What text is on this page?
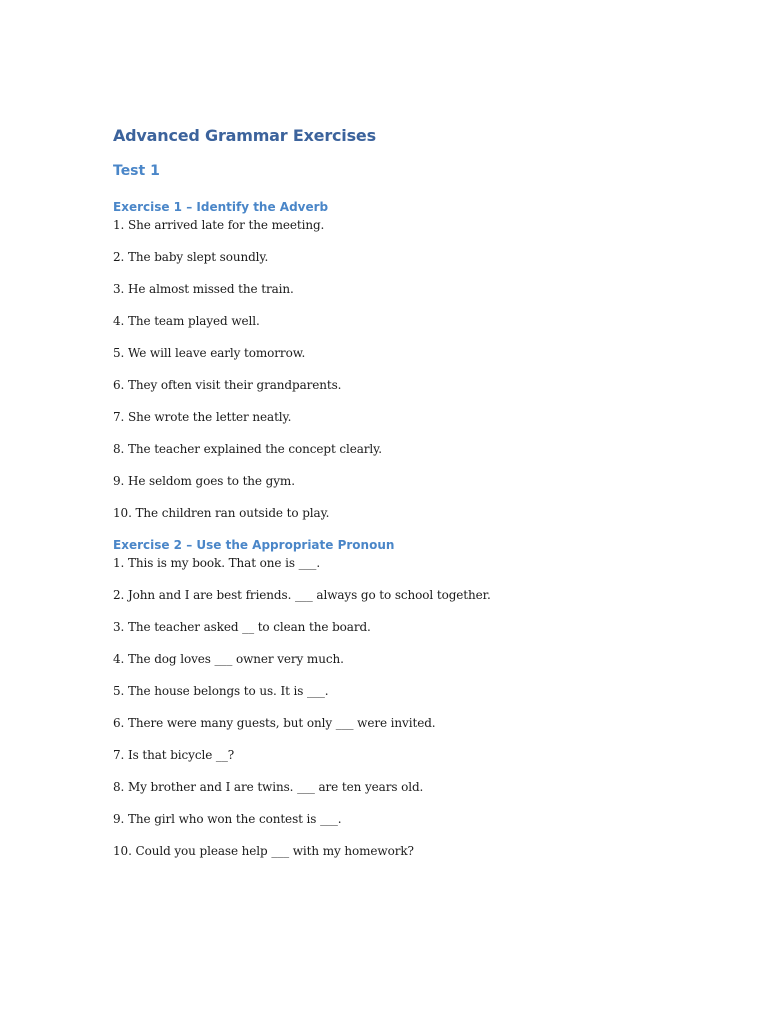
Advanced Grammar Exercises
Test 1
Exercise 1 – Identify the Adverb
1. She arrived late for the meeting.
2. The baby slept soundly.
3. He almost missed the train.
4. The team played well.
5. We will leave early tomorrow.
6. They often visit their grandparents.
7. She wrote the letter neatly.
8. The teacher explained the concept clearly.
9. He seldom goes to the gym.
10. The children ran outside to play.
Exercise 2 – Use the Appropriate Pronoun
1. This is my book. That one is ___.
2. John and I are best friends. ___ always go to school together.
3. The teacher asked __ to clean the board.
4. The dog loves ___ owner very much.
5. The house belongs to us. It is ___.
6. There were many guests, but only ___ were invited.
7. Is that bicycle __?
8. My brother and I are twins. ___ are ten years old.
9. The girl who won the contest is ___.
10. Could you please help ___ with my homework?
